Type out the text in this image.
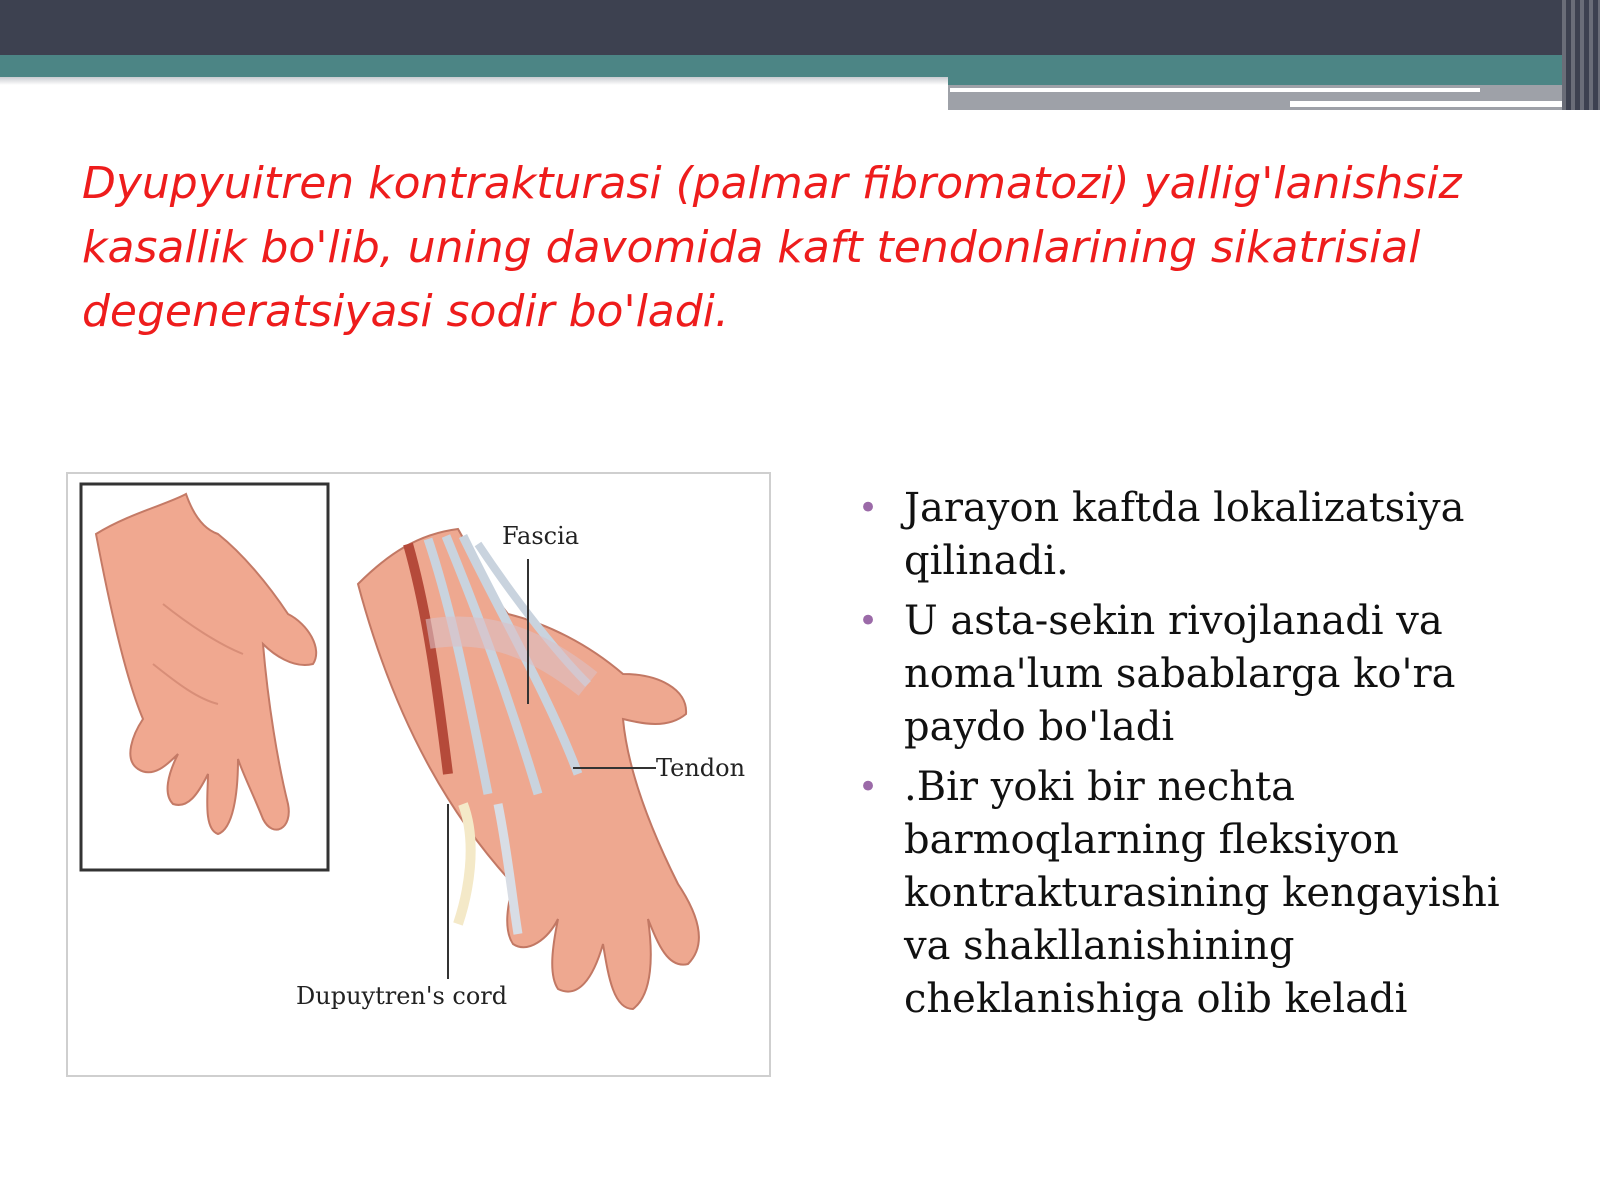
Dyupyuitren kontrakturasi (palmar fibromatozi) yallig'lanishsiz kasallik bo'lib, uning davomida kaft tendonlarining sikatrisial degeneratsiyasi sodir bo'ladi.
Fascia
Tendon
Dupuytren's cord
• Jarayon kaftda lokalizatsiya qilinadi.
• U asta-sekin rivojlanadi va noma'lum sabablarga ko'ra paydo bo'ladi
• .Bir yoki bir nechta barmoqlarning fleksiyon kontrakturasining kengayishi va shakllanishining cheklanishiga olib keladi
